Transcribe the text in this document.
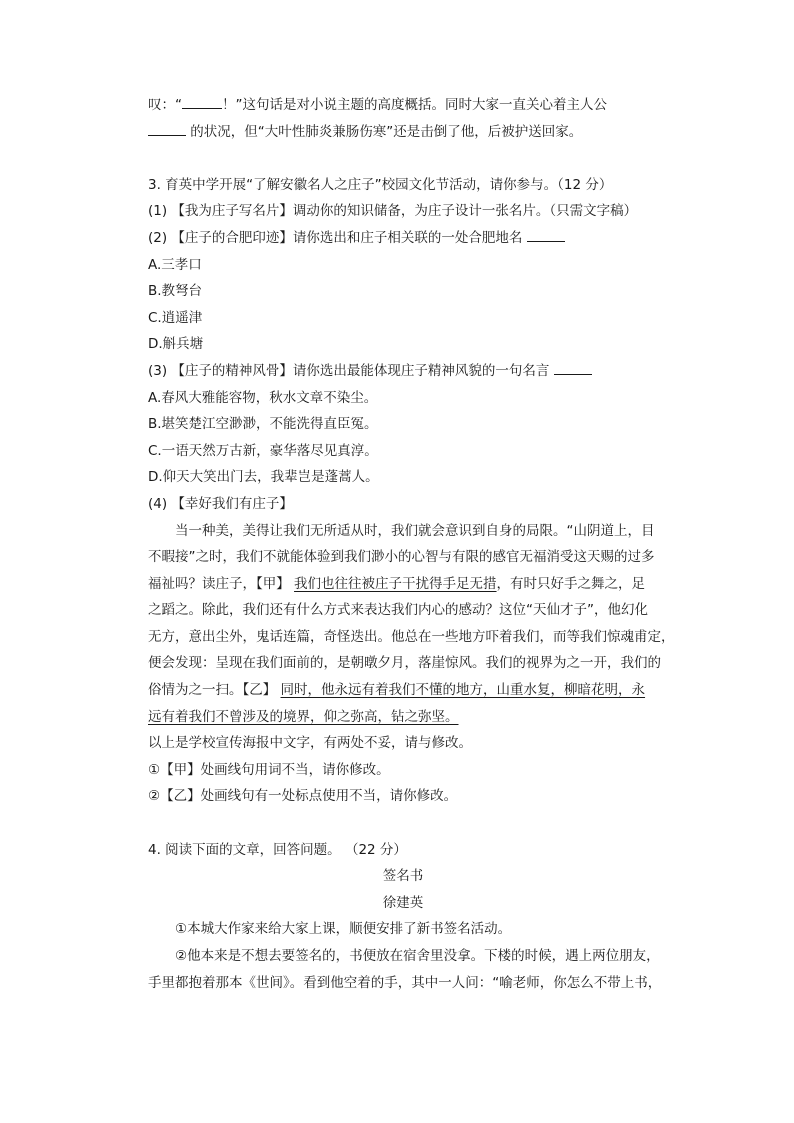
叹：“	！”这句话是对小说主题的高度概括。同时大家一直关心着主人公
的状况，但“大叶性肺炎兼肠伤寒”还是击倒了他，后被护送回家。
3. 育英中学开展“了解安徽名人之庄子”校园文化节活动，请你参与。（12 分）
(1) 【我为庄子写名片】调动你的知识储备，为庄子设计一张名片。（只需文字稿）
(2) 【庄子的合肥印迹】请你选出和庄子相关联的一处合肥地名
A.三孝口
B.教弩台
C.逍遥津
D.斛兵塘
(3) 【庄子的精神风骨】请你选出最能体现庄子精神风貌的一句名言
A.春风大雅能容物，秋水文章不染尘。
B.堪笑楚江空渺渺，不能洗得直臣冤。
C.一语天然万古新，豪华落尽见真淳。
D.仰天大笑出门去，我辈岂是蓬蒿人。
(4) 【幸好我们有庄子】
当一种美，美得让我们无所适从时，我们就会意识到自身的局限。“山阴道上，目
不暇接”之时，我们不就能体验到我们渺小的心智与有限的感官无福消受这天赐的过多
福祉吗？读庄子，【甲】 我们也往往被庄子干扰得手足无措，有时只好手之舞之，足
之蹈之。除此，我们还有什么方式来表达我们内心的感动？这位“天仙才子”，他幻化
无方，意出尘外，鬼话连篇，奇怪迭出。他总在一些地方吓着我们，而等我们惊魂甫定，
便会发现：呈现在我们面前的，是朝暾夕月，落崖惊风。我们的视界为之一开，我们的
俗情为之一扫。【乙】 同时，他永远有着我们不懂的地方，山重水复，柳暗花明，永
远有着我们不曾涉及的境界，仰之弥高，钻之弥坚。
以上是学校宣传海报中文字，有两处不妥，请与修改。
①【甲】处画线句用词不当，请你修改。
②【乙】处画线句有一处标点使用不当，请你修改。
4. 阅读下面的文章，回答问题。 （22 分）
签名书
徐建英
①本城大作家来给大家上课，顺便安排了新书签名活动。
②他本来是不想去要签名的，书便放在宿舍里没拿。下楼的时候，遇上两位朋友，
手里都抱着那本《世间》。看到他空着的手，其中一人问：“喻老师，你怎么不带上书，
